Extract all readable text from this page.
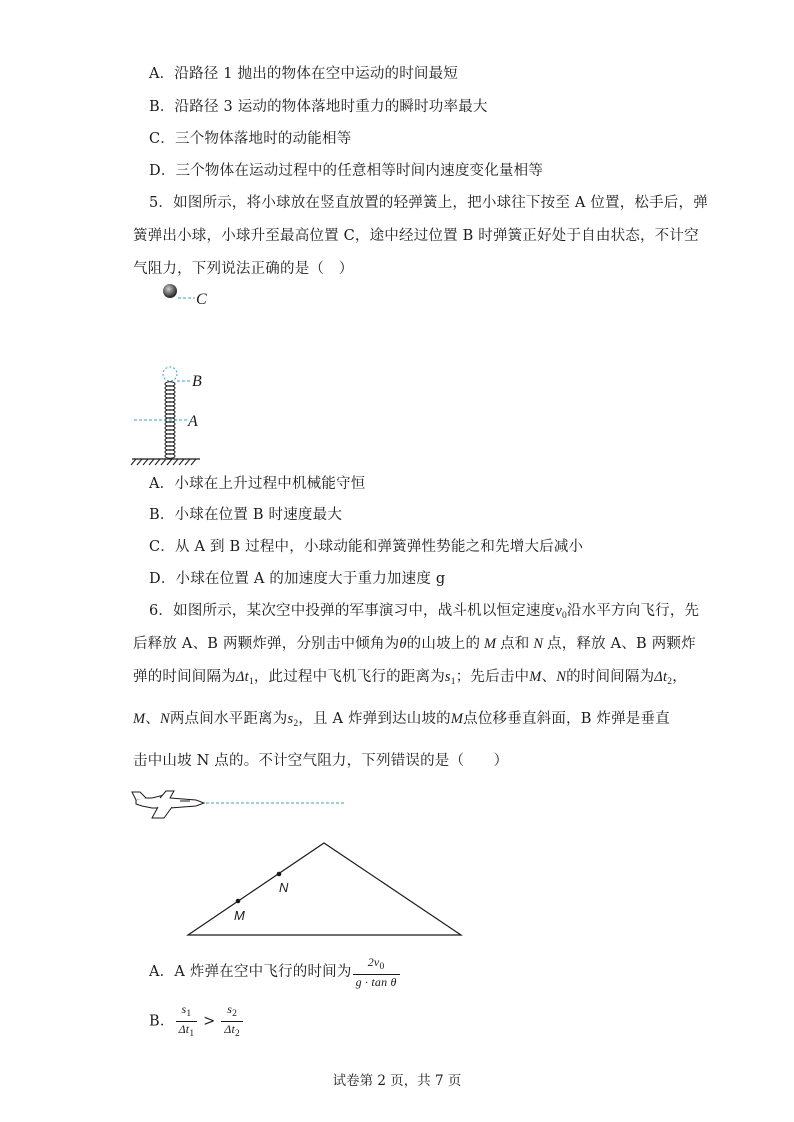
A．沿路径 1 抛出的物体在空中运动的时间最短
B．沿路径 3 运动的物体落地时重力的瞬时功率最大
C．三个物体落地时的动能相等
D．三个物体在运动过程中的任意相等时间内速度变化量相等
5．如图所示，将小球放在竖直放置的轻弹簧上，把小球往下按至 A 位置，松手后，弹
簧弹出小球，小球升至最高位置 C，途中经过位置 B 时弹簧正好处于自由状态，不计空
气阻力，下列说法正确的是（　）
C
B
A
A．小球在上升过程中机械能守恒
B．小球在位置 B 时速度最大
C．从 A 到 B 过程中，小球动能和弹簧弹性势能之和先增大后减小
D．小球在位置 A 的加速度大于重力加速度 g
6．如图所示，某次空中投弹的军事演习中，战斗机以恒定速度$v_0$沿水平方向飞行，先
后释放 A、B 两颗炸弹，分别击中倾角为θ的山坡上的 M 点和 N 点，释放 A、B 两颗炸
弹的时间间隔为$\Delta t_1$，此过程中飞机飞行的距离为$s_1$；先后击中M、N的时间间隔为$\Delta t_2$，
M、N两点间水平距离为$s_2$，且 A 炸弹到达山坡的M点位移垂直斜面，B 炸弹是垂直
击中山坡 N 点的。不计空气阻力，下列错误的是（　　）
M
N
A．A 炸弹在空中飞行的时间为 $\frac{2v_0}{\text{g · tan θ}}$
B． $\frac{s_1}{\Delta t_1} > \frac{s_2}{\Delta t_2}$
试卷第 2 页，共 7 页
